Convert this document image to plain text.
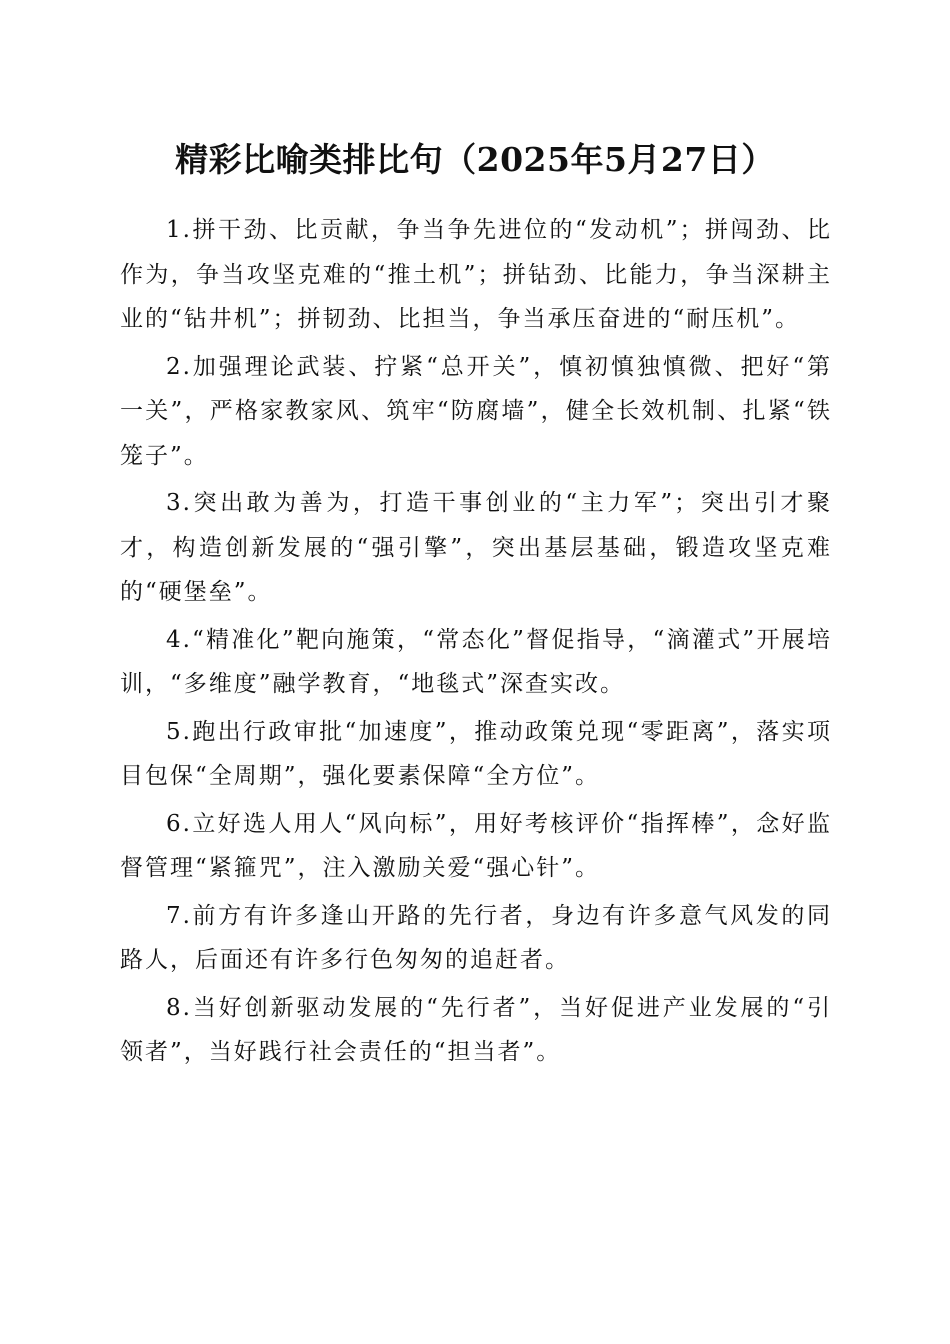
精彩比喻类排比句（2025年5月27日）

1.拼干劲、比贡献，争当争先进位的“发动机”；拼闯劲、比作为，争当攻坚克难的“推土机”；拼钻劲、比能力，争当深耕主业的“钻井机”；拼韧劲、比担当，争当承压奋进的“耐压机”。

2.加强理论武装、拧紧“总开关”，慎初慎独慎微、把好“第一关”，严格家教家风、筑牢“防腐墙”，健全长效机制、扎紧“铁笼子”。

3.突出敢为善为，打造干事创业的“主力军”；突出引才聚才，构造创新发展的“强引擎”，突出基层基础，锻造攻坚克难的“硬堡垒”。

4.“精准化”靶向施策，“常态化”督促指导，“滴灌式”开展培训，“多维度”融学教育，“地毯式”深查实改。

5.跑出行政审批“加速度”，推动政策兑现“零距离”，落实项目包保“全周期”，强化要素保障“全方位”。

6.立好选人用人“风向标”，用好考核评价“指挥棒”，念好监督管理“紧箍咒”，注入激励关爱“强心针”。

7.前方有许多逢山开路的先行者，身边有许多意气风发的同路人，后面还有许多行色匆匆的追赶者。

8.当好创新驱动发展的“先行者”，当好促进产业发展的“引领者”，当好践行社会责任的“担当者”。
